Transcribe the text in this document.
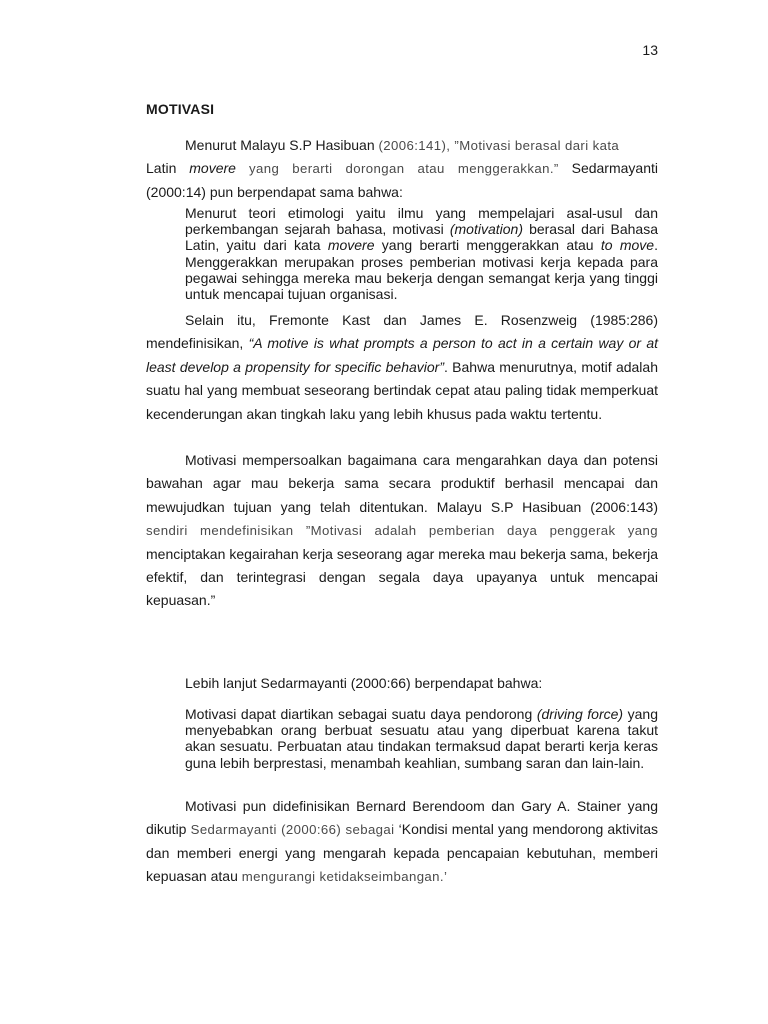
13

MOTIVASI

Menurut Malayu S.P Hasibuan (2006:141), ”Motivasi berasal dari kata
Latin movere yang berarti dorongan atau menggerakkan.” Sedarmayanti (2000:14) pun berpendapat sama bahwa:

Menurut teori etimologi yaitu ilmu yang mempelajari asal-usul dan perkembangan sejarah bahasa, motivasi (motivation) berasal dari Bahasa Latin, yaitu dari kata movere yang berarti menggerakkan atau to move. Menggerakkan merupakan proses pemberian motivasi kerja kepada para pegawai sehingga mereka mau bekerja dengan semangat kerja yang tinggi untuk mencapai tujuan organisasi.

Selain itu, Fremonte Kast dan James E. Rosenzweig (1985:286) mendefinisikan, “A motive is what prompts a person to act in a certain way or at least develop a propensity for specific behavior”. Bahwa menurutnya, motif adalah suatu hal yang membuat seseorang bertindak cepat atau paling tidak memperkuat kecenderungan akan tingkah laku yang lebih khusus pada waktu tertentu.

Motivasi mempersoalkan bagaimana cara mengarahkan daya dan potensi bawahan agar mau bekerja sama secara produktif berhasil mencapai dan mewujudkan tujuan yang telah ditentukan. Malayu S.P Hasibuan (2006:143) sendiri mendefinisikan ”Motivasi adalah pemberian daya penggerak yang menciptakan kegairahan kerja seseorang agar mereka mau bekerja sama, bekerja efektif, dan terintegrasi dengan segala daya upayanya untuk mencapai kepuasan.”

Lebih lanjut Sedarmayanti (2000:66) berpendapat bahwa:

Motivasi dapat diartikan sebagai suatu daya pendorong (driving force) yang menyebabkan orang berbuat sesuatu atau yang diperbuat karena takut akan sesuatu. Perbuatan atau tindakan termaksud dapat berarti kerja keras guna lebih berprestasi, menambah keahlian, sumbang saran dan lain-lain.

Motivasi pun didefinisikan Bernard Berendoom dan Gary A. Stainer yang dikutip Sedarmayanti (2000:66) sebagai ‘Kondisi mental yang mendorong aktivitas dan memberi energi yang mengarah kepada pencapaian kebutuhan, memberi kepuasan atau mengurangi ketidakseimbangan.’
